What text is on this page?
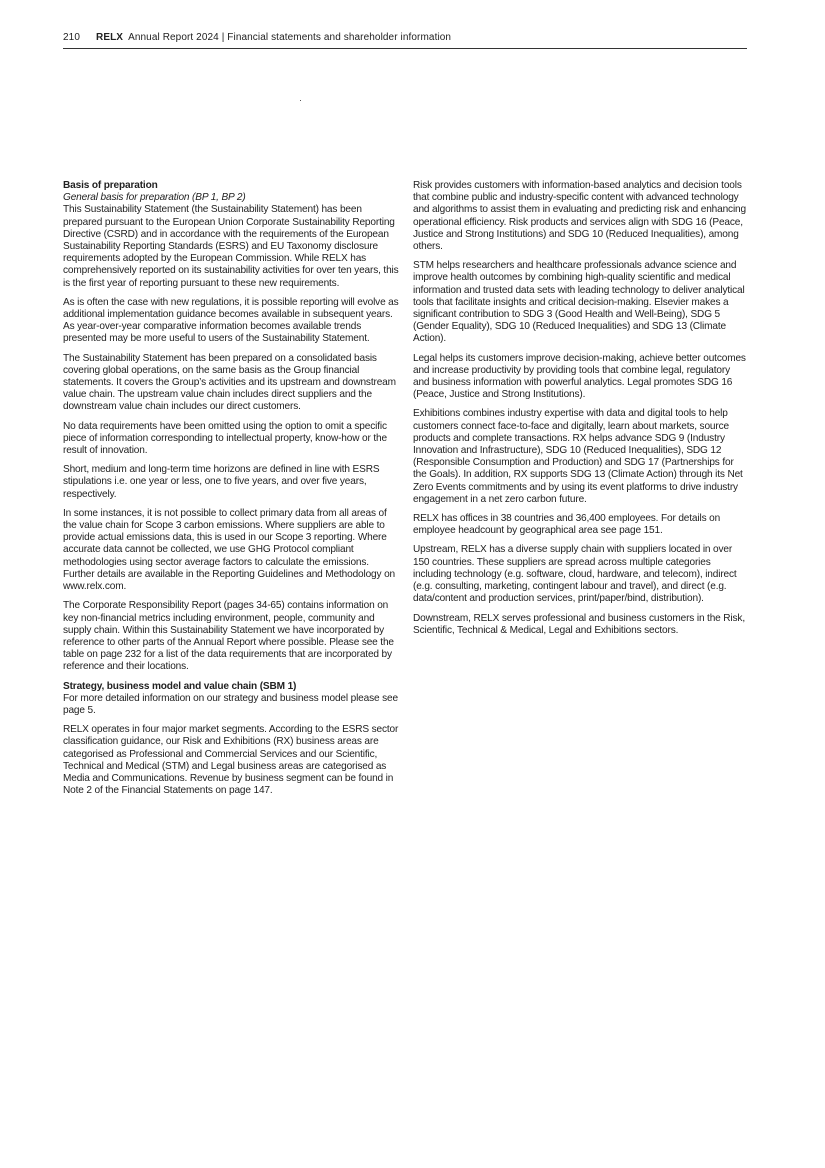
210 RELX Annual Report 2024 | Financial statements and shareholder information
Basis of preparation

General basis for preparation (BP 1, BP 2)

This Sustainability Statement (the Sustainability Statement) has been prepared pursuant to the European Union Corporate Sustainability Reporting Directive (CSRD) and in accordance with the requirements of the European Sustainability Reporting Standards (ESRS) and EU Taxonomy disclosure requirements adopted by the European Commission. While RELX has comprehensively reported on its sustainability activities for over ten years, this is the first year of reporting pursuant to these new requirements.

As is often the case with new regulations, it is possible reporting will evolve as additional implementation guidance becomes available in subsequent years. As year-over-year comparative information becomes available trends presented may be more useful to users of the Sustainability Statement.

The Sustainability Statement has been prepared on a consolidated basis covering global operations, on the same basis as the Group financial statements. It covers the Group’s activities and its upstream and downstream value chain. The upstream value chain includes direct suppliers and the downstream value chain includes our direct customers.

No data requirements have been omitted using the option to omit a specific piece of information corresponding to intellectual property, know-how or the result of innovation.

Short, medium and long-term time horizons are defined in line with ESRS stipulations i.e. one year or less, one to five years, and over five years, respectively.

In some instances, it is not possible to collect primary data from all areas of the value chain for Scope 3 carbon emissions. Where suppliers are able to provide actual emissions data, this is used in our Scope 3 reporting. Where accurate data cannot be collected, we use GHG Protocol compliant methodologies using sector average factors to calculate the emissions. Further details are available in the Reporting Guidelines and Methodology on www.relx.com.

The Corporate Responsibility Report (pages 34-65) contains information on key non-financial metrics including environment, people, community and supply chain. Within this Sustainability Statement we have incorporated by reference to other parts of the Annual Report where possible. Please see the table on page 232 for a list of the data requirements that are incorporated by reference and their locations.

Strategy, business model and value chain (SBM 1)

For more detailed information on our strategy and business model please see page 5.

RELX operates in four major market segments. According to the ESRS sector classification guidance, our Risk and Exhibitions (RX) business areas are categorised as Professional and Commercial Services and our Scientific, Technical and Medical (STM) and Legal business areas are categorised as Media and Communications. Revenue by business segment can be found in Note 2 of the Financial Statements on page 147.

Risk provides customers with information-based analytics and decision tools that combine public and industry-specific content with advanced technology and algorithms to assist them in evaluating and predicting risk and enhancing operational efficiency. Risk products and services align with SDG 16 (Peace, Justice and Strong Institutions) and SDG 10 (Reduced Inequalities), among others.

STM helps researchers and healthcare professionals advance science and improve health outcomes by combining high-quality scientific and medical information and trusted data sets with leading technology to deliver analytical tools that facilitate insights and critical decision-making. Elsevier makes a significant contribution to SDG 3 (Good Health and Well-Being), SDG 5 (Gender Equality), SDG 10 (Reduced Inequalities) and SDG 13 (Climate Action).

Legal helps its customers improve decision-making, achieve better outcomes and increase productivity by providing tools that combine legal, regulatory and business information with powerful analytics. Legal promotes SDG 16 (Peace, Justice and Strong Institutions).

Exhibitions combines industry expertise with data and digital tools to help customers connect face-to-face and digitally, learn about markets, source products and complete transactions. RX helps advance SDG 9 (Industry Innovation and Infrastructure), SDG 10 (Reduced Inequalities), SDG 12 (Responsible Consumption and Production) and SDG 17 (Partnerships for the Goals). In addition, RX supports SDG 13 (Climate Action) through its Net Zero Events commitments and by using its event platforms to drive industry engagement in a net zero carbon future.

RELX has offices in 38 countries and 36,400 employees. For details on employee headcount by geographical area see page 151.

Upstream, RELX has a diverse supply chain with suppliers located in over 150 countries. These suppliers are spread across multiple categories including technology (e.g. software, cloud, hardware, and telecom), indirect (e.g. consulting, marketing, contingent labour and travel), and direct (e.g. data/content and production services, print/paper/bind, distribution).

Downstream, RELX serves professional and business customers in the Risk, Scientific, Technical & Medical, Legal and Exhibitions sectors.
